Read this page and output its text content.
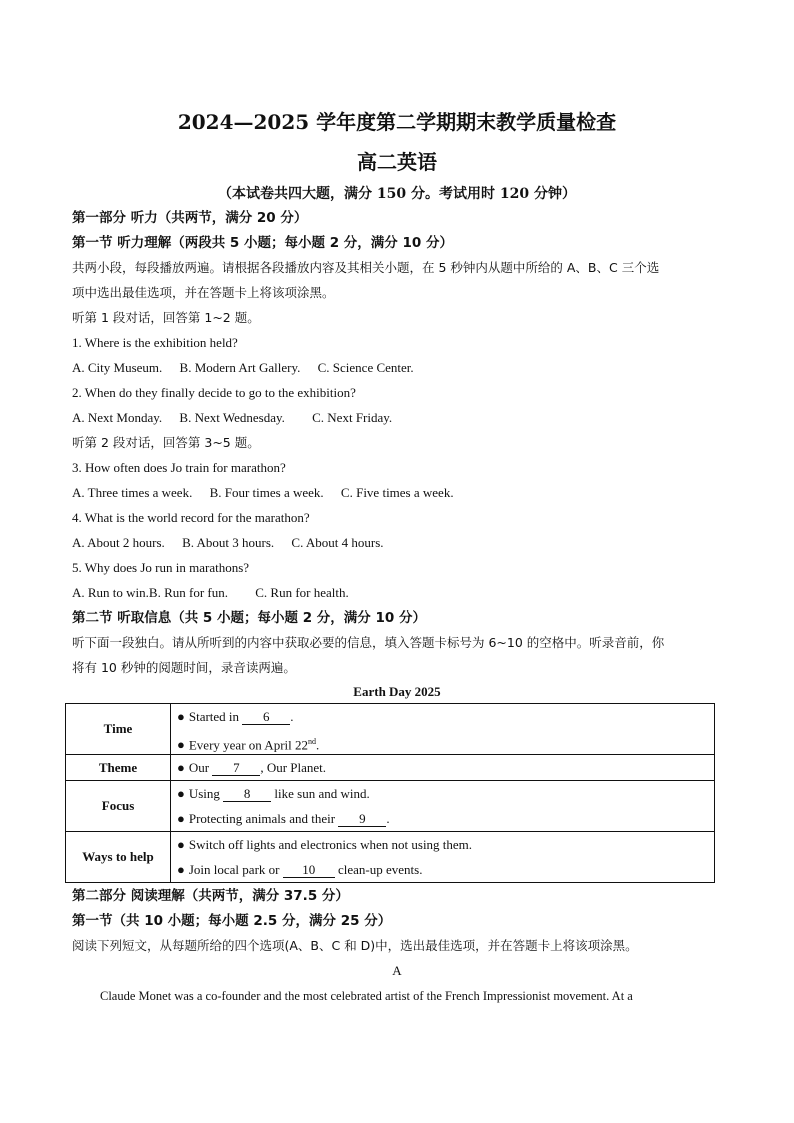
2024—2025 学年度第二学期期末教学质量检查
高二英语
（本试卷共四大题，满分 150 分。考试用时 120 分钟）
第一部分 听力（共两节，满分 20 分）
第一节 听力理解（两段共 5 小题；每小题 2 分，满分 10 分）
共两小段，每段播放两遍。请根据各段播放内容及其相关小题，在 5 秒钟内从题中所给的 A、B、C 三个选
项中选出最佳选项，并在答题卡上将该项涂黑。
听第 1 段对话，回答第 1~2 题。
1. Where is the exhibition held?
A. City Museum. B. Modern Art Gallery. C. Science Center.
2. When do they finally decide to go to the exhibition?
A. Next Monday. B. Next Wednesday. C. Next Friday.
听第 2 段对话，回答第 3~5 题。
3. How often does Jo train for marathon?
A. Three times a week. B. Four times a week. C. Five times a week.
4. What is the world record for the marathon?
A. About 2 hours. B. About 3 hours. C. About 4 hours.
5. Why does Jo run in marathons?
A. Run to win.B. Run for fun. C. Run for health.
第二节 听取信息（共 5 小题；每小题 2 分，满分 10 分）
听下面一段独白。请从所听到的内容中获取必要的信息，填入答题卡标号为 6~10 的空格中。听录音前，你
将有 10 秒钟的阅题时间，录音读两遍。
Earth Day 2025
Time	● Started in 6 .
● Every year on April 22nd.

Theme	● Our 7 , Our Planet.

Focus	● Using 8 like sun and wind.
● Protecting animals and their 9 .

Ways to help	● Switch off lights and electronics when not using them.
● Join local park or 10 clean-up events.
第二部分 阅读理解（共两节，满分 37.5 分）
第一节（共 10 小题；每小题 2.5 分，满分 25 分）
阅读下列短文，从每题所给的四个选项(A、B、C 和 D)中，选出最佳选项，并在答题卡上将该项涂黑。
A
Claude Monet was a co-founder and the most celebrated artist of the French Impressionist movement. At a
